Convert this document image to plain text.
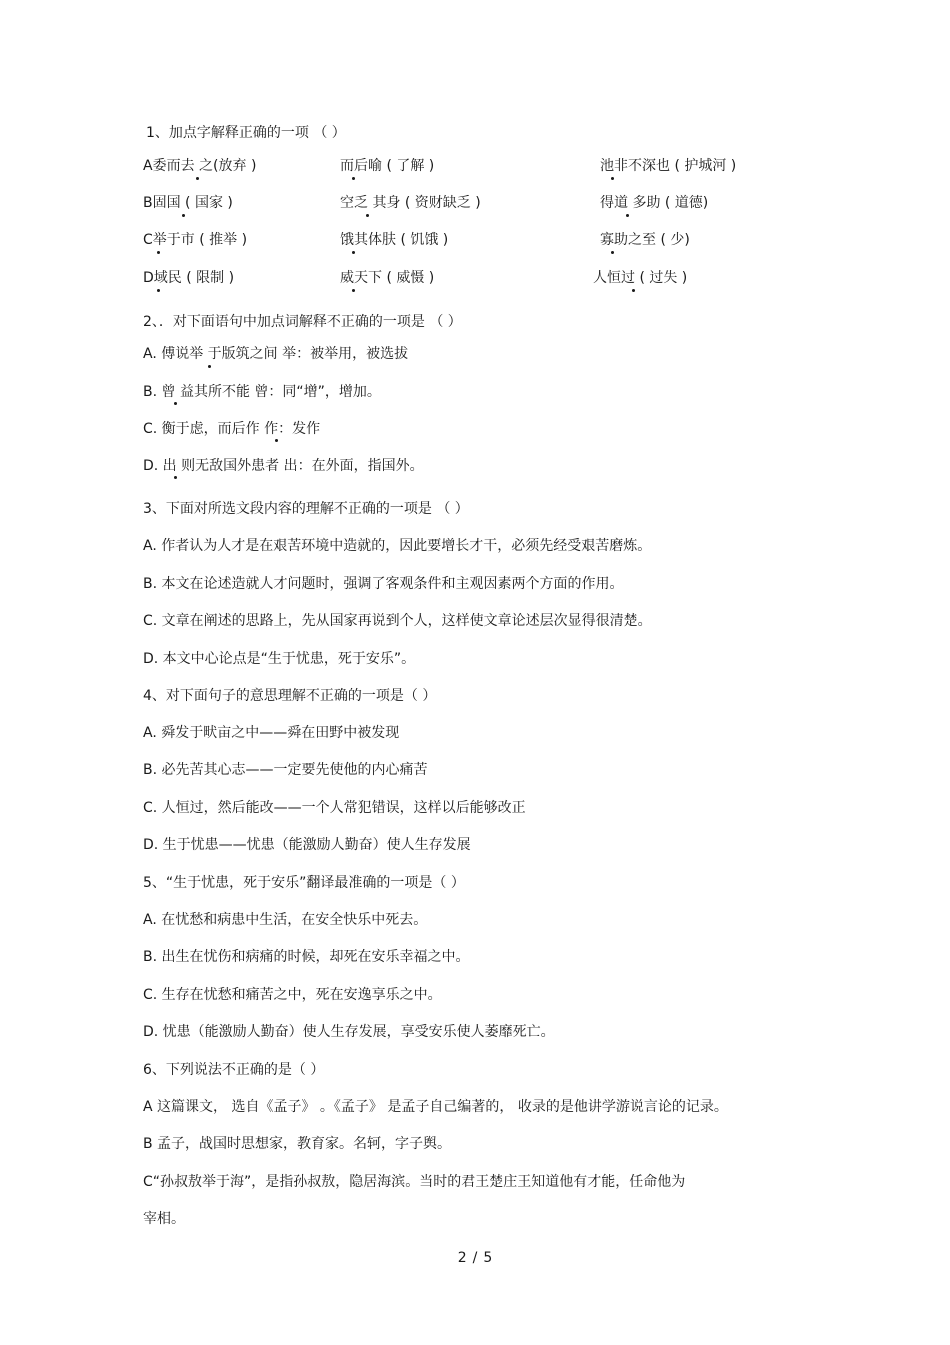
1、加点字解释正确的一项 （ ）
A委而去 之(放弃 )	而后喻 ( 了解 )	池非不深也 ( 护城河 )
B固国 ( 国家 )	空乏 其身 ( 资财缺乏 )	得道 多助 ( 道德)
C举于市 ( 推举 )	饿其体肤 ( 饥饿 )	寡助之至 ( 少)
D域民 ( 限制 )	威天下 ( 威慑 )	人恒过 ( 过失 )
2、．对下面语句中加点词解释不正确的一项是 （ ）
A. 傅说举 于版筑之间 举：被举用，被选拔
B. 曾 益其所不能 曾：同“增”，增加。
C. 衡于虑，而后作 作：发作
D. 出 则无敌国外患者 出：在外面，指国外。
3、下面对所选文段内容的理解不正确的一项是 （ ）
A. 作者认为人才是在艰苦环境中造就的，因此要增长才干，必须先经受艰苦磨炼。
B. 本文在论述造就人才问题时，强调了客观条件和主观因素两个方面的作用。
C. 文章在阐述的思路上，先从国家再说到个人，这样使文章论述层次显得很清楚。
D. 本文中心论点是“生于忧患，死于安乐”。
4、对下面句子的意思理解不正确的一项是（ ）
A. 舜发于畎亩之中——舜在田野中被发现
B. 必先苦其心志——一定要先使他的内心痛苦
C. 人恒过，然后能改——一个人常犯错误，这样以后能够改正
D. 生于忧患——忧患（能激励人勤奋）使人生存发展
5、“生于忧患，死于安乐”翻译最准确的一项是（ ）
A. 在忧愁和病患中生活，在安全快乐中死去。
B. 出生在忧伤和病痛的时候，却死在安乐幸福之中。
C. 生存在忧愁和痛苦之中，死在安逸享乐之中。
D. 忧患（能激励人勤奋）使人生存发展，享受安乐使人萎靡死亡。
6、下列说法不正确的是（ ）
A 这篇课文， 选自《孟子》 。《孟子》 是孟子自己编著的， 收录的是他讲学游说言论的记录。
B 孟子，战国时思想家，教育家。名轲，字子舆。
C“孙叔敖举于海”，是指孙叔敖，隐居海滨。当时的君王楚庄王知道他有才能，任命他为
宰相。
2 / 5
